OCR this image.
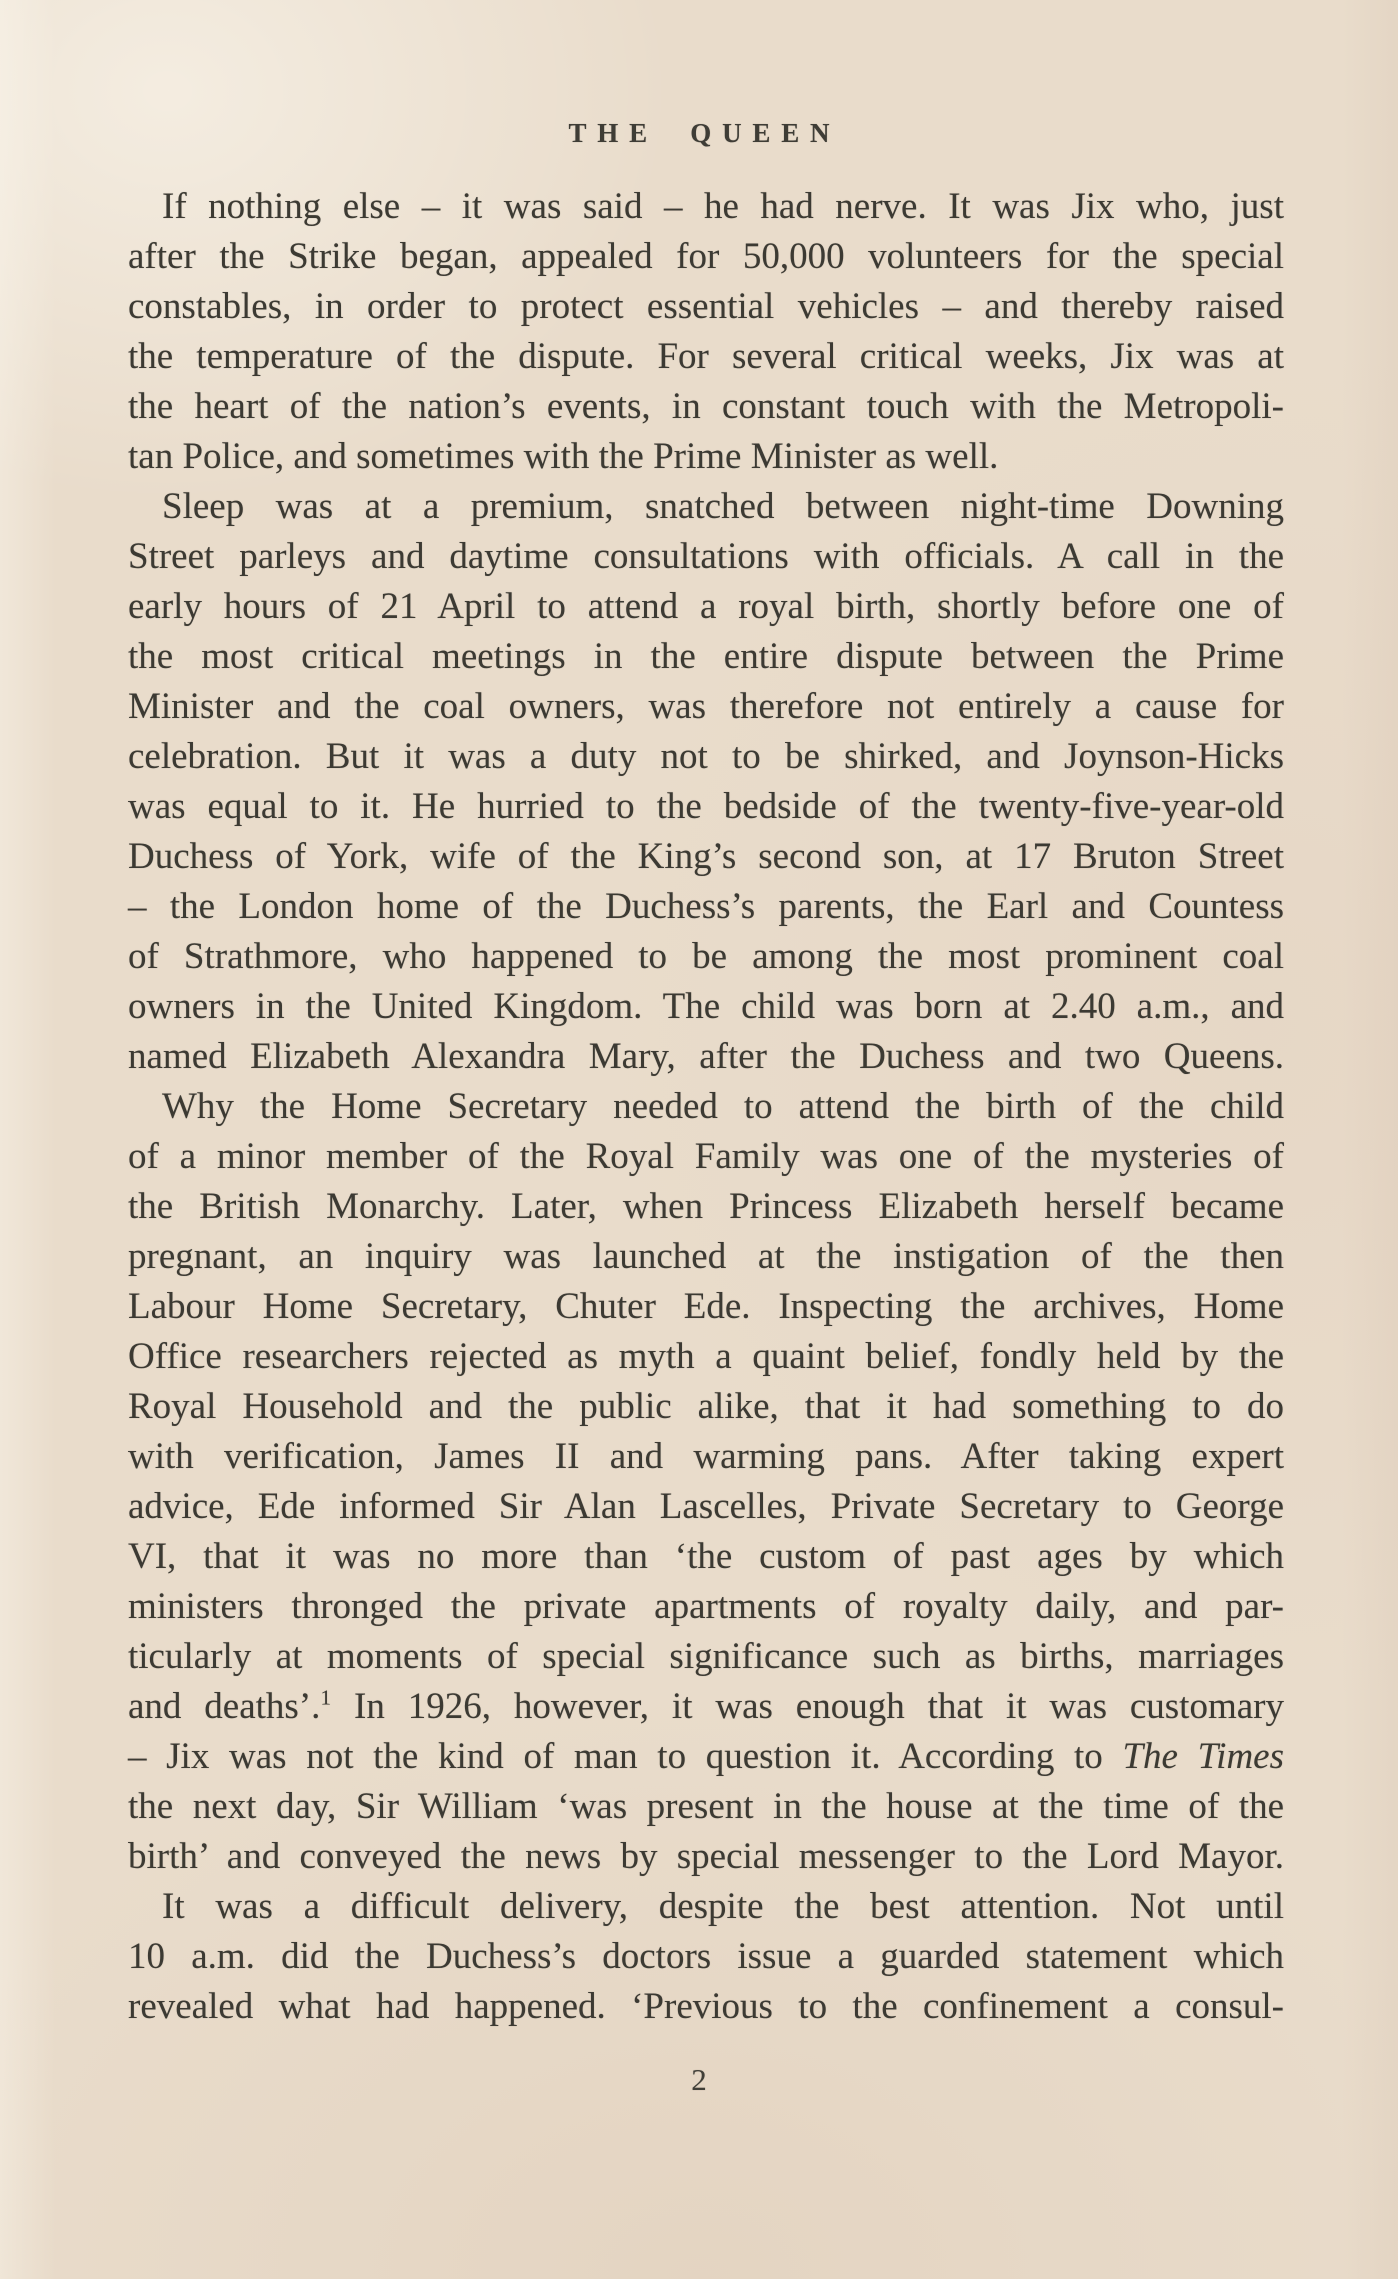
THE QUEEN
If nothing else – it was said – he had nerve. It was Jix who, just
after the Strike began, appealed for 50,000 volunteers for the special
constables, in order to protect essential vehicles – and thereby raised
the temperature of the dispute. For several critical weeks, Jix was at
the heart of the nation’s events, in constant touch with the Metropoli-
tan Police, and sometimes with the Prime Minister as well.
Sleep was at a premium, snatched between night-time Downing
Street parleys and daytime consultations with officials. A call in the
early hours of 21 April to attend a royal birth, shortly before one of
the most critical meetings in the entire dispute between the Prime
Minister and the coal owners, was therefore not entirely a cause for
celebration. But it was a duty not to be shirked, and Joynson-Hicks
was equal to it. He hurried to the bedside of the twenty-five-year-old
Duchess of York, wife of the King’s second son, at 17 Bruton Street
– the London home of the Duchess’s parents, the Earl and Countess
of Strathmore, who happened to be among the most prominent coal
owners in the United Kingdom. The child was born at 2.40 a.m., and
named Elizabeth Alexandra Mary, after the Duchess and two Queens.
Why the Home Secretary needed to attend the birth of the child
of a minor member of the Royal Family was one of the mysteries of
the British Monarchy. Later, when Princess Elizabeth herself became
pregnant, an inquiry was launched at the instigation of the then
Labour Home Secretary, Chuter Ede. Inspecting the archives, Home
Office researchers rejected as myth a quaint belief, fondly held by the
Royal Household and the public alike, that it had something to do
with verification, James II and warming pans. After taking expert
advice, Ede informed Sir Alan Lascelles, Private Secretary to George
VI, that it was no more than ‘the custom of past ages by which
ministers thronged the private apartments of royalty daily, and par-
ticularly at moments of special significance such as births, marriages
and deaths’.$^1$ In 1926, however, it was enough that it was customary
– Jix was not the kind of man to question it. According to The Times
the next day, Sir William ‘was present in the house at the time of the
birth’ and conveyed the news by special messenger to the Lord Mayor.
It was a difficult delivery, despite the best attention. Not until
10 a.m. did the Duchess’s doctors issue a guarded statement which
revealed what had happened. ‘Previous to the confinement a consul-
2
